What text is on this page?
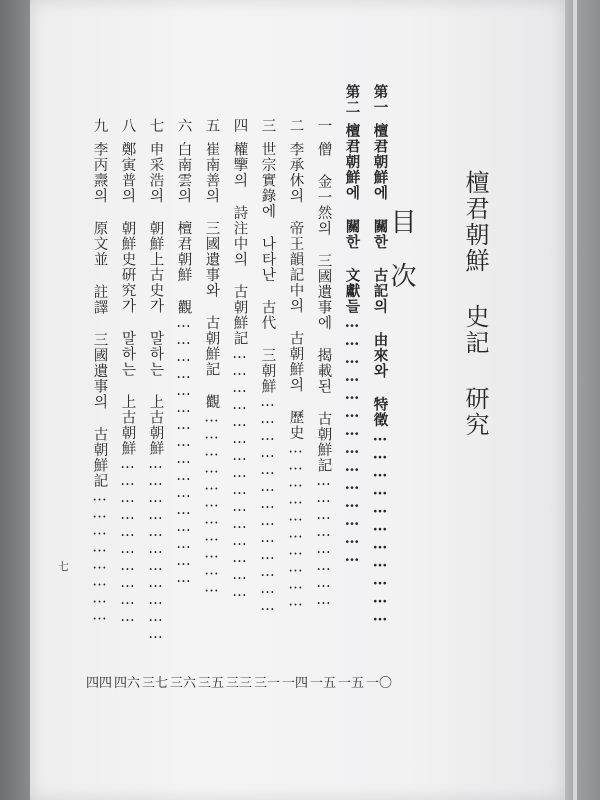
檀君朝鮮 史記 研究
目次
第一檀君朝鮮에 關한 古記의 由來와 特徵……………………………
第二檀君朝鮮에 關한 文獻들……………………………………
一僧 金一然의 三國遺事에 揭載된 古朝鮮記……………………
二李承休의 帝王韻記中의 古朝鮮의 歷史…………………………
三世宗實錄에 나타난 古代 三朝鮮…………………………………
四權擥의 詩注中의 古朝鮮記………………………………………
五崔南善의 三國遺事와 古朝鮮記 觀……………………………
六白南雲의 檀君朝鮮 觀…………………………………………
七申采浩의 朝鮮上古史가 말하는 上古朝鮮……………………………
八鄭寅普의 朝鮮史硏究가 말하는 上古朝鮮…………………………
九李丙燾의 原文並 註譯 三國遺事의 古朝鮮記……………………
一〇
一五
一五
一四
三一
三三
三五
三六
三七
四六
四四
七
